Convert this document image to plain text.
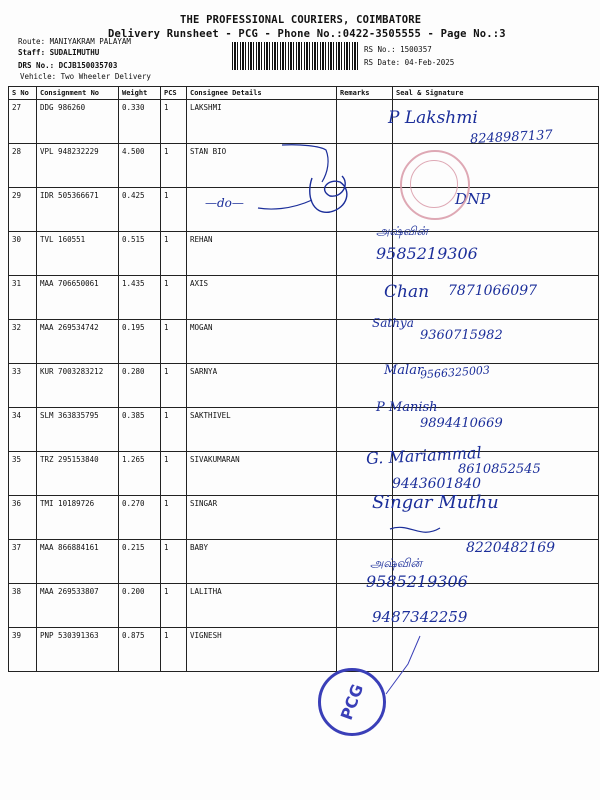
THE PROFESSIONAL COURIERS, COIMBATORE
Delivery Runsheet - PCG - Phone No.:0422-3505555 - Page No.:3
Route: MANIYAKRAM PALAYAM
Staff: SUDALIMUTHU
DRS No.: DCJB150035703
Vehicle: Two Wheeler Delivery
RS No.: 1500357
RS Date: 04-Feb-2025
S No	Consignment No	Weight	PCS	Consignee Details	Remarks	Seal & Signature
27	DDG 986260	0.330	1	LAKSHMI		
28	VPL 948232229	4.500	1	STAN BIO		
29	IDR 505366671	0.425	1			
30	TVL 160551	0.515	1	REHAN		
31	MAA 706650061	1.435	1	AXIS		
32	MAA 269534742	0.195	1	MOGAN		
33	KUR 7003283212	0.280	1	SARNYA		
34	SLM 363835795	0.385	1	SAKTHIVEL		
35	TRZ 295153840	1.265	1	SIVAKUMARAN		
36	TMI 10189726	0.270	1	SINGAR		
37	MAA 866884161	0.215	1	BABY		
38	MAA 269533807	0.200	1	LALITHA		
39	PNP 530391363	0.875	1	VIGNESH		
P Lakshmi
8248987137
—do—	DNP
அஷ்வின்
9585219306
Chan 7871066097
Sathya
9360715982
Malar
9566325003
P Manish
9894410669
G. Mariammal
8610852545
9443601840
Singar Muthu
8220482169
அஷ்வின்
9585219306
9487342259
PCG
